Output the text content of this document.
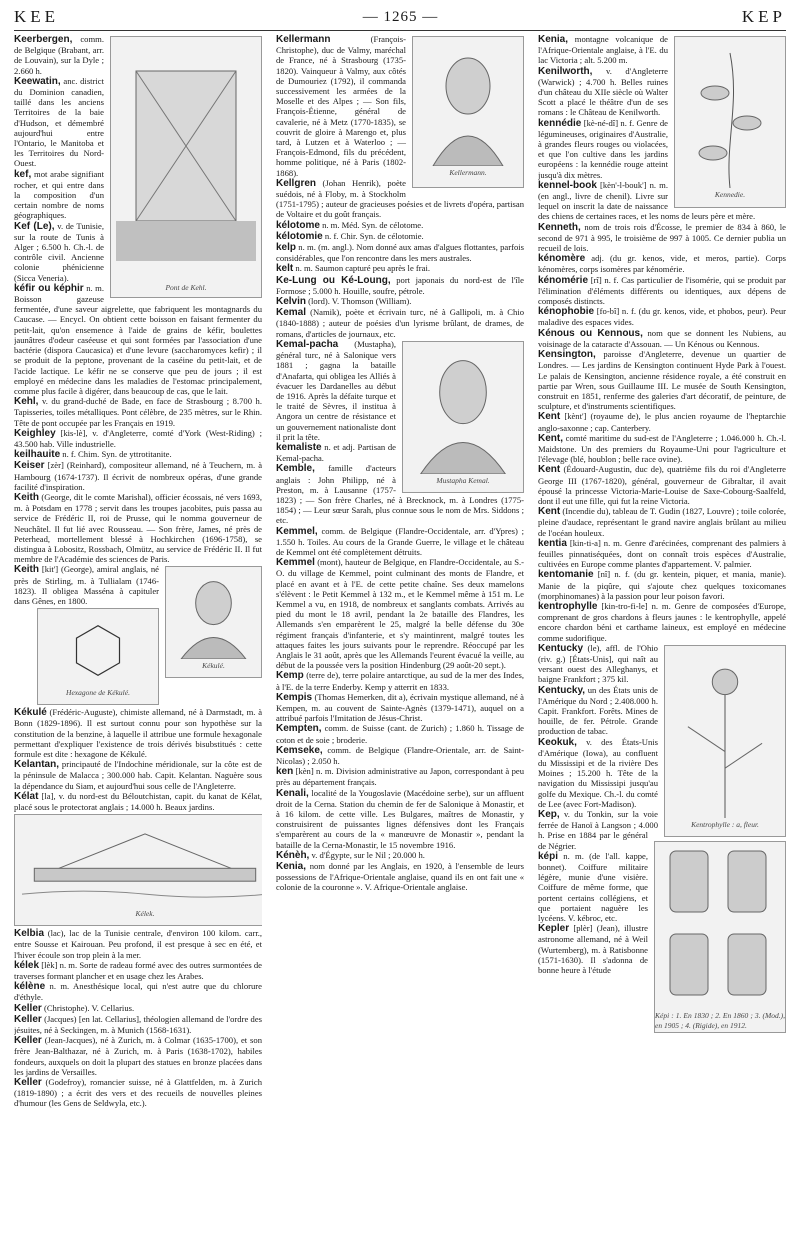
KEE	— 1265 —	KEP
Pont de Kehl.

Keerbergen, comm. de Belgique (Brabant, arr. de Louvain), sur la Dyle ; 2.660 h.

Keewatin, anc. district du Dominion canadien, taillé dans les anciens Territoires de la baie d'Hudson, et démembré aujourd'hui entre l'Ontario, le Manitoba et les Territoires du Nord-Ouest.

kef, mot arabe signifiant rocher, et qui entre dans la composition d'un certain nombre de noms géographiques.

Kef (Le), v. de Tunisie, sur la route de Tunis à Alger ; 6.500 h. Ch.-l. de contrôle civil. Ancienne colonie phénicienne (Sicca Veneria).

kéfir ou képhir n. m. Boisson gazeuse fermentée, d'une saveur aigrelette, que fabriquent les montagnards du Caucase. — Encycl. On obtient cette boisson en faisant fermenter du petit-lait, qu'on ensemence à l'aide de grains de kéfir, boulettes jaunâtres d'odeur caséeuse et qui sont formées par l'association d'une bactérie (dispora Caucasica) et d'une levure (saccharomyces kefir) ; il se produit de la peptone, provenant de la caséine du petit-lait, et de l'acide lactique. Le kéfir ne se conserve que peu de jours ; il est employé en médecine dans les maladies de l'estomac principalement, comme plus facile à digérer, dans beaucoup de cas, que le lait.

Kehl, v. du grand-duché de Bade, en face de Strasbourg ; 8.700 h. Tapisseries, toiles métalliques. Pont célèbre, de 235 mètres, sur le Rhin. Tête de pont occupée par les Français en 1919.

Keighley [kis-lè], v. d'Angleterre, comté d'York (West-Riding) ; 43.500 hab. Ville industrielle.

keilhauite n. f. Chim. Syn. de yttrotitanite.

Keiser [zèr] (Reinhard), compositeur allemand, né à Teuchern, m. à Hambourg (1674-1737). Il écrivit de nombreux opéras, d'une grande facilité d'inspiration.

Keith (George, dit le comte Marishal), officier écossais, né vers 1693, m. à Potsdam en 1778 ; servit dans les troupes jacobites, puis passa au service de Frédéric II, roi de Prusse, qui le nomma gouverneur de Neuchâtel. Il fut lié avec Rousseau. — Son frère, James, né près de Peterhead, mortellement blessé à Hochkirchen (1696-1758), se distingua à Lobositz, Rossbach, Olmütz, au service de Frédéric II. Il fut membre de l'Académie des sciences de Paris.

Kékulé.

Keith [kit'] (George), amiral anglais, né près de Stirling, m. à Tullialam (1746-1823). Il obligea Masséna à capituler dans Gênes, en 1800.

Hexagone de Kékulé.

Kékulé (Frédéric-Auguste), chimiste allemand, né à Darmstadt, m. à Bonn (1829-1896). Il est surtout connu pour son hypothèse sur la constitution de la benzine, à laquelle il attribue une formule hexagonale permettant d'expliquer l'existence de trois dérivés bisubstitués : cette formule est dite : hexagone de Kékulé.

Kelantan, principauté de l'Indochine méridionale, sur la côte est de la péninsule de Malacca ; 300.000 hab. Capit. Kelantan. Naguère sous la dépendance du Siam, et aujourd'hui sous celle de l'Angleterre.

Kélat [la], v. du nord-est du Béloutchistan, capit. du kanat de Kélat, placé sous le protectorat anglais ; 14.000 h. Beaux jardins.

Kélek.

Kelbia (lac), lac de la Tunisie centrale, d'environ 100 kilom. carr., entre Sousse et Kairouan. Peu profond, il est presque à sec en été, et l'hiver écoule son trop plein à la mer.

kélek [lèk] n. m. Sorte de radeau formé avec des outres surmontées de traverses formant plancher et en usage chez les Arabes.

kélène n. m. Anesthésique local, qui n'est autre que du chlorure d'éthyle.

Keller (Christophe). V. Cellarius.

Keller (Jacques) [en lat. Cellarius], théologien allemand de l'ordre des jésuites, né à Seckingen, m. à Munich (1568-1631).

Keller (Jean-Jacques), né à Zurich, m. à Colmar (1635-1700), et son frère Jean-Balthazar, né à Zurich, m. à Paris (1638-1702), habiles fondeurs, auxquels on doit la plupart des statues en bronze placées dans les jardins de Versailles.

Keller (Godefroy), romancier suisse, né à Glattfelden, m. à Zurich (1819-1890) ; a écrit des vers et des recueils de nouvelles pleines d'humour (les Gens de Seldwyla, etc.).

Kellermann.

Kellermann	(François-Christophe), duc de Valmy, maréchal de France, né à Strasbourg (1735-1820). Vainqueur à Valmy, aux côtés de Dumouriez (1792), il commanda successivement les armées de la Moselle et des Alpes ; — Son fils, François-Étienne, général de cavalerie, né à Metz (1770-1835), se couvrit de gloire à Marengo et, plus tard, à Lutzen et à Waterloo ; — François-Edmond, fils du précédent, homme politique, né à Paris (1802-1868).

Kellgren (Johan Henrik), poète suédois, né à Floby, m. à Stockholm (1751-1795) ; auteur de gracieuses poésies et de livrets d'opéra, partisan de Voltaire et du goût français.

kélotome n. m. Méd. Syn. de célotome.

kélotomie n. f. Chir. Syn. de célotomie.

kelp n. m. (m. angl.). Nom donné aux amas d'algues flottantes, parfois considérables, que l'on rencontre dans les mers australes.

kelt n. m. Saumon capturé peu après le frai.

Ke-Lung ou Ké-Loung, port japonais du nord-est de l'île Formose ; 5.000 h. Houille, soufre, pétrole.

Kelvin (lord). V. Thomson (William).

Kemal (Namik), poète et écrivain turc, né à Gallipoli, m. à Chio (1840-1888) ; auteur de poésies d'un lyrisme brûlant, de drames, de romans, d'articles de journaux, etc.

Mustapha Kemal.

Kemal-pacha (Mustapha), général turc, né à Salonique vers 1881 ; gagna la bataille d'Anafarta, qui obligea les Alliés à évacuer les Dardanelles au début de 1916. Après la défaite turque et le traité de Sèvres, il institua à Angora un centre de résistance et un gouvernement nationaliste dont il prit la tête.

kemaliste n. et adj. Partisan de Kemal-pacha.

Kemble, famille d'acteurs anglais : John Philipp, né à Preston, m. à Lausanne (1757-1823) ; — Son frère Charles, né à Brecknock, m. à Londres (1775-1854) ; — Leur sœur Sarah, plus connue sous le nom de Mrs. Siddons ; etc.

Kemmel, comm. de Belgique (Flandre-Occidentale, arr. d'Ypres) ; 1.550 h. Toiles. Au cours de la Grande Guerre, le village et le château de Kemmel ont été complètement détruits.

Kemmel (mont), hauteur de Belgique, en Flandre-Occidentale, au S.-O. du village de Kemmel, point culminant des monts de Flandre, et placé en avant et à l'E. de cette petite chaîne. Ses deux mamelons s'élèvent : le Petit Kemmel à 132 m., et le Kemmel même à 151 m. Le Kemmel a vu, en 1918, de nombreux et sanglants combats. Arrivés au pied du mont le 18 avril, pendant la 2e bataille des Flandres, les Allemands s'en emparèrent le 25, malgré la belle défense du 30e régiment français d'infanterie, et s'y maintinrent, malgré toutes les attaques faites les jours suivants pour le reprendre. Réoccupé par les Anglais le 31 août, après que les Allemands l'eurent évacué la veille, au début de la poussée vers la position Hindenburg (29 août-20 sept.).

Kemp (terre de), terre polaire antarctique, au sud de la mer des Indes, à l'E. de la terre Enderby. Kemp y atterrit en 1833.

Kempis (Thomas Hemerken, dit a), écrivain mystique allemand, né à Kempen, m. au couvent de Sainte-Agnès (1379-1471), auquel on a attribué parfois l'Imitation de Jésus-Christ.

Kempten, comm. de Suisse (cant. de Zurich) ; 1.860 h. Tissage de coton et de soie ; broderie.

Kemseke, comm. de Belgique (Flandre-Orientale, arr. de Saint-Nicolas) ; 2.050 h.

ken [kèn] n. m. Division administrative au Japon, correspondant à peu près au département français.

Kenali, localité de la Yougoslavie (Macédoine serbe), sur un affluent droit de la Cerna. Station du chemin de fer de Salonique à Monastir, et à 16 kilom. de cette ville. Les Bulgares, maîtres de Monastir, y construisirent de puissantes lignes défensives dont les Français s'emparèrent au cours de la « manœuvre de Monastir », pendant la bataille de la Cerna-Monastir, le 15 novembre 1916.

Kénèh, v. d'Égypte, sur le Nil ; 20.000 h.

Kenia, nom donné par les Anglais, en 1920, à l'ensemble de leurs possessions de l'Afrique-Orientale anglaise, quand ils en ont fait une « colonie de la couronne ». V. Afrique-Orientale anglaise.

Kennedie.

Kenia, montagne volcanique de l'Afrique-Orientale anglaise, à l'E. du lac Victoria ; alt. 5.200 m.

Kenilworth, v. d'Angleterre (Warwick) ; 4.700 h. Belles ruines d'un château du XIIe siècle où Walter Scott a placé le théâtre d'un de ses romans : le Château de Kenilworth.

kennédie [kè-né-dî] n. f. Genre de légumineuses, originaires d'Australie, à grandes fleurs rouges ou violacées, et que l'on cultive dans les jardins européens : la kennédie rouge atteint jusqu'à dix mètres.

kennel-book [kèn'-l-bouk'] n. m. (en angl., livre de chenil). Livre sur lequel on inscrit la date de naissance des chiens de certaines races, et les noms de leurs père et mère.

Kenneth, nom de trois rois d'Écosse, le premier de 834 à 860, le second de 971 à 995, le troisième de 997 à 1005. Ce dernier publia un recueil de lois.

kénomère adj. (du gr. kenos, vide, et meros, partie). Corps kénomères, corps isomères par kénomérie.

kénomérie [rî] n. f. Cas particulier de l'isomérie, qui se produit par l'élimination d'éléments différents ou identiques, aux dépens de composés distincts.

kénophobie [fo-bî] n. f. (du gr. kenos, vide, et phobos, peur). Peur maladive des espaces vides.

Kénous ou Kennous, nom que se donnent les Nubiens, au voisinage de la cataracte d'Assouan. — Un Kénous ou Kennous.

Kensington, paroisse d'Angleterre, devenue un quartier de Londres. — Les jardins de Kensington continuent Hyde Park à l'ouest. Le palais de Kensington, ancienne résidence royale, a été construit en partie par Wren, sous Guillaume III. Le musée de South Kensington, construit en 1851, renferme des galeries d'art décoratif, de peinture, de sculpture, et d'instruments scientifiques.

Kent [kènt'] (royaume de), le plus ancien royaume de l'heptarchie anglo-saxonne ; cap. Canterbery.

Kent, comté maritime du sud-est de l'Angleterre ; 1.046.000 h. Ch.-l. Maidstone. Un des premiers du Royaume-Uni pour l'agriculture et l'élevage (blé, houblon ; belle race ovine).

Kent (Édouard-Augustin, duc de), quatrième fils du roi d'Angleterre George III (1767-1820), général, gouverneur de Gibraltar, il avait épousé la princesse Victoria-Marie-Louise de Saxe-Cobourg-Saalfeld, dont il eut une fille, qui fut la reine Victoria.

Kent (Incendie du), tableau de T. Gudin (1827, Louvre) ; toile colorée, pleine d'audace, représentant le grand navire anglais brûlant au milieu de l'océan houleux.

kentia [kin-ti-a] n. m. Genre d'arécinées, comprenant des palmiers à feuilles pinnatiséquées, dont on connaît trois espèces d'Australie, cultivées en Europe comme plantes d'appartement. V. palmier.

kentomanie [nî] n. f. (du gr. kentein, piquer, et mania, manie). Manie de la piqûre, qui s'ajoute chez quelques toxicomanes (morphinomanes) à la passion pour leur poison favori.

kentrophylle [kin-tro-fi-le] n. m. Genre de composées d'Europe, comprenant de gros chardons à fleurs jaunes : le kentrophylle, appelé encore chardon béni et carthame laineux, est employé en médecine comme sudorifique.

Kentrophylle : a, fleur.

Kentucky (le), affl. de l'Ohio (riv. g.) [États-Unis], qui naît au versant ouest des Alleghanys, et baigne Frankfort ; 375 kil.

Kentucky, un des États unis de l'Amérique du Nord ; 2.408.000 h. Capit. Frankfort. Forêts. Mines de houille, de fer. Pétrole. Grande production de tabac.

Keokuk, v. des États-Unis d'Amérique (Iowa), au confluent du Mississipi et de la rivière Des Moines ; 15.200 h. Tête de la navigation du Mississipi jusqu'au golfe du Mexique. Ch.-l. du comté de Lee (avec Fort-Madison).

Képi : 1. En 1830 ; 2. En 1860 ; 3. (Mod.), en 1905 ; 4. (Rigide), en 1912.

Kep, v. du Tonkin, sur la voie ferrée de Hanoï à Langson ; 4.000 h. Prise en 1884 par le général de Négrier.

képi n. m. (de l'all. kappe, bonnet). Coiffure militaire légère, munie d'une visière. Coiffure de même forme, que portent certains collégiens, et que portaient naguère les lycéens. V. kébroc, etc.

Kepler [plèr] (Jean), illustre astronome allemand, né à Weil (Wurtemberg), m. à Ratisbonne (1571-1630). Il s'adonna de bonne heure à l'étude
